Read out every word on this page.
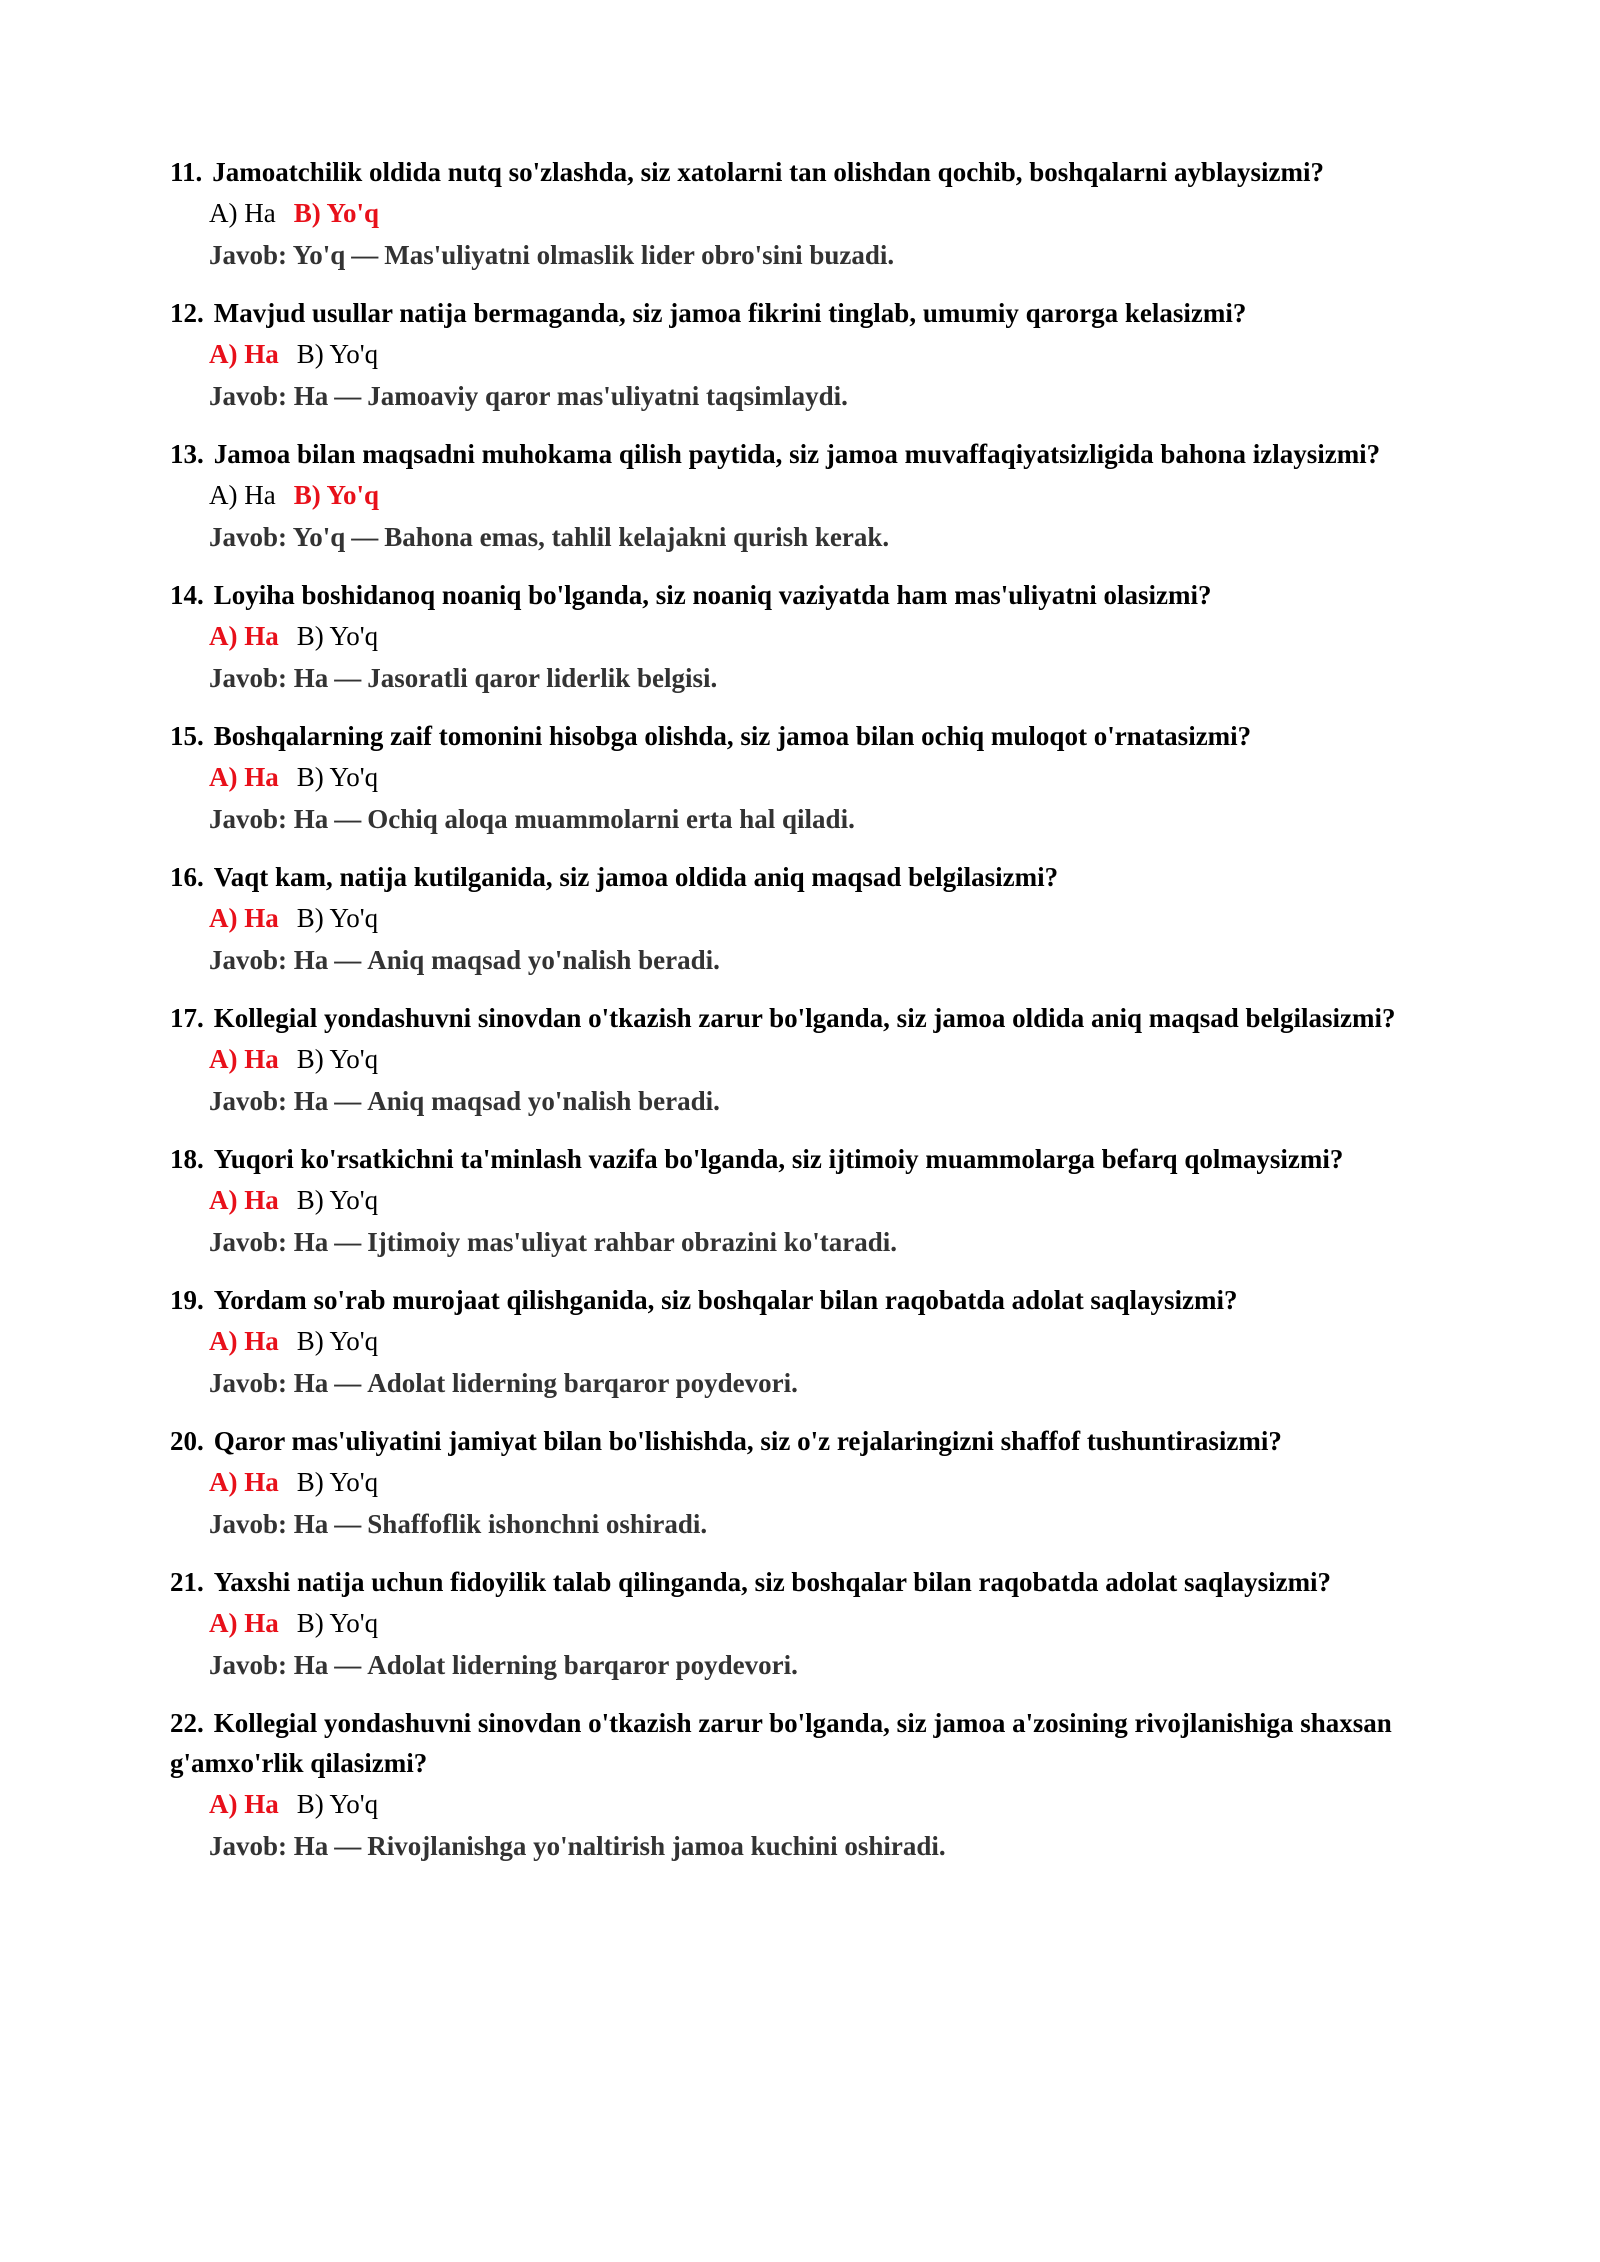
11. Jamoatchilik oldida nutq so'zlashda, siz xatolarni tan olishdan qochib, boshqalarni ayblaysizmi?

A) Ha B) Yo'q
Javob: Yo'q — Mas'uliyatni olmaslik lider obro'sini buzadi.

12. Mavjud usullar natija bermaganda, siz jamoa fikrini tinglab, umumiy qarorga kelasizmi?

A) Ha B) Yo'q
Javob: Ha — Jamoaviy qaror mas'uliyatni taqsimlaydi.

13. Jamoa bilan maqsadni muhokama qilish paytida, siz jamoa muvaffaqiyatsizligida bahona izlaysizmi?

A) Ha B) Yo'q
Javob: Yo'q — Bahona emas, tahlil kelajakni qurish kerak.

14. Loyiha boshidanoq noaniq bo'lganda, siz noaniq vaziyatda ham mas'uliyatni olasizmi?

A) Ha B) Yo'q
Javob: Ha — Jasoratli qaror liderlik belgisi.

15. Boshqalarning zaif tomonini hisobga olishda, siz jamoa bilan ochiq muloqot o'rnatasizmi?

A) Ha B) Yo'q
Javob: Ha — Ochiq aloqa muammolarni erta hal qiladi.

16. Vaqt kam, natija kutilganida, siz jamoa oldida aniq maqsad belgilasizmi?

A) Ha B) Yo'q
Javob: Ha — Aniq maqsad yo'nalish beradi.

17. Kollegial yondashuvni sinovdan o'tkazish zarur bo'lganda, siz jamoa oldida aniq maqsad belgilasizmi?

A) Ha B) Yo'q
Javob: Ha — Aniq maqsad yo'nalish beradi.

18. Yuqori ko'rsatkichni ta'minlash vazifa bo'lganda, siz ijtimoiy muammolarga befarq qolmaysizmi?

A) Ha B) Yo'q
Javob: Ha — Ijtimoiy mas'uliyat rahbar obrazini ko'taradi.

19. Yordam so'rab murojaat qilishganida, siz boshqalar bilan raqobatda adolat saqlaysizmi?

A) Ha B) Yo'q
Javob: Ha — Adolat liderning barqaror poydevori.

20. Qaror mas'uliyatini jamiyat bilan bo'lishishda, siz o'z rejalaringizni shaffof tushuntirasizmi?

A) Ha B) Yo'q
Javob: Ha — Shaffoflik ishonchni oshiradi.

21. Yaxshi natija uchun fidoyilik talab qilinganda, siz boshqalar bilan raqobatda adolat saqlaysizmi?

A) Ha B) Yo'q
Javob: Ha — Adolat liderning barqaror poydevori.

22. Kollegial yondashuvni sinovdan o'tkazish zarur bo'lganda, siz jamoa a'zosining rivojlanishiga shaxsan g'amxo'rlik qilasizmi?

A) Ha B) Yo'q
Javob: Ha — Rivojlanishga yo'naltirish jamoa kuchini oshiradi.
